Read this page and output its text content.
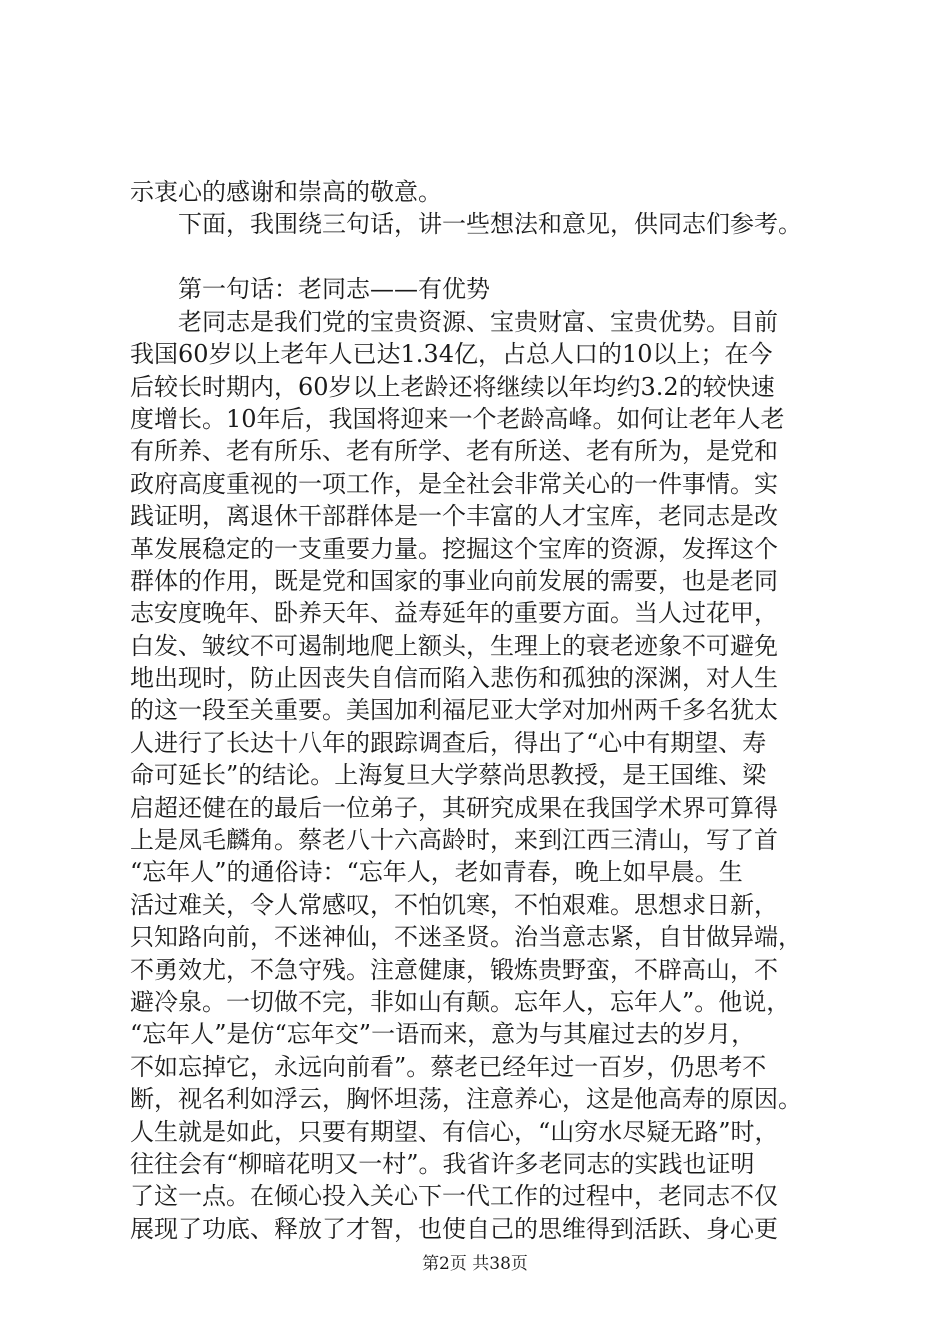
示衷心的感谢和崇高的敬意。
下面，我围绕三句话，讲一些想法和意见，供同志们参考。
第一句话：老同志——有优势
老同志是我们党的宝贵资源、宝贵财富、宝贵优势。目前
我国60岁以上老年人已达1.34亿，占总人口的10以上；在今
后较长时期内，60岁以上老龄还将继续以年均约3.2的较快速
度增长。10年后，我国将迎来一个老龄高峰。如何让老年人老
有所养、老有所乐、老有所学、老有所送、老有所为，是党和
政府高度重视的一项工作，是全社会非常关心的一件事情。实
践证明，离退休干部群体是一个丰富的人才宝库，老同志是改
革发展稳定的一支重要力量。挖掘这个宝库的资源，发挥这个
群体的作用，既是党和国家的事业向前发展的需要，也是老同
志安度晚年、卧养天年、益寿延年的重要方面。当人过花甲，
白发、皱纹不可遏制地爬上额头，生理上的衰老迹象不可避免
地出现时，防止因丧失自信而陷入悲伤和孤独的深渊，对人生
的这一段至关重要。美国加利福尼亚大学对加州两千多名犹太
人进行了长达十八年的跟踪调查后，得出了“心中有期望、寿
命可延长”的结论。上海复旦大学蔡尚思教授，是王国维、梁
启超还健在的最后一位弟子，其研究成果在我国学术界可算得
上是凤毛麟角。蔡老八十六高龄时，来到江西三清山，写了首
“忘年人”的通俗诗：“忘年人，老如青春，晚上如早晨。生
活过难关，令人常感叹，不怕饥寒，不怕艰难。思想求日新，
只知路向前，不迷神仙，不迷圣贤。治当意志紧，自甘做异端，
不勇效尤，不急守残。注意健康，锻炼贵野蛮，不辟高山，不
避冷泉。一切做不完，非如山有颠。忘年人，忘年人”。他说，
“忘年人”是仿“忘年交”一语而来，意为与其雇过去的岁月，
不如忘掉它，永远向前看”。蔡老已经年过一百岁，仍思考不
断，视名利如浮云，胸怀坦荡，注意养心，这是他高寿的原因。
人生就是如此，只要有期望、有信心，“山穷水尽疑无路”时，
往往会有“柳暗花明又一村”。我省许多老同志的实践也证明
了这一点。在倾心投入关心下一代工作的过程中，老同志不仅
展现了功底、释放了才智，也使自己的思维得到活跃、身心更
第2页 共38页
